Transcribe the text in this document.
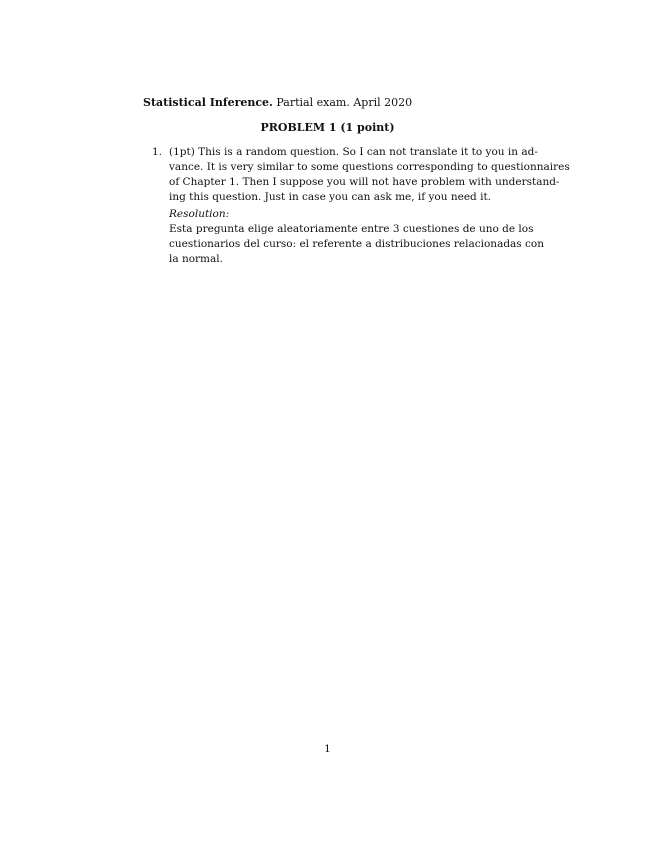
Statistical Inference. Partial exam. April 2020
PROBLEM 1 (1 point)
1. (1pt) This is a random question. So I can not translate it to you in ad-
vance. It is very similar to some questions corresponding to questionnaires
of Chapter 1. Then I suppose you will not have problem with understand-
ing this question. Just in case you can ask me, if you need it.
Resolution:
Esta pregunta elige aleatoriamente entre 3 cuestiones de uno de los
cuestionarios del curso: el referente a distribuciones relacionadas con
la normal.
1
